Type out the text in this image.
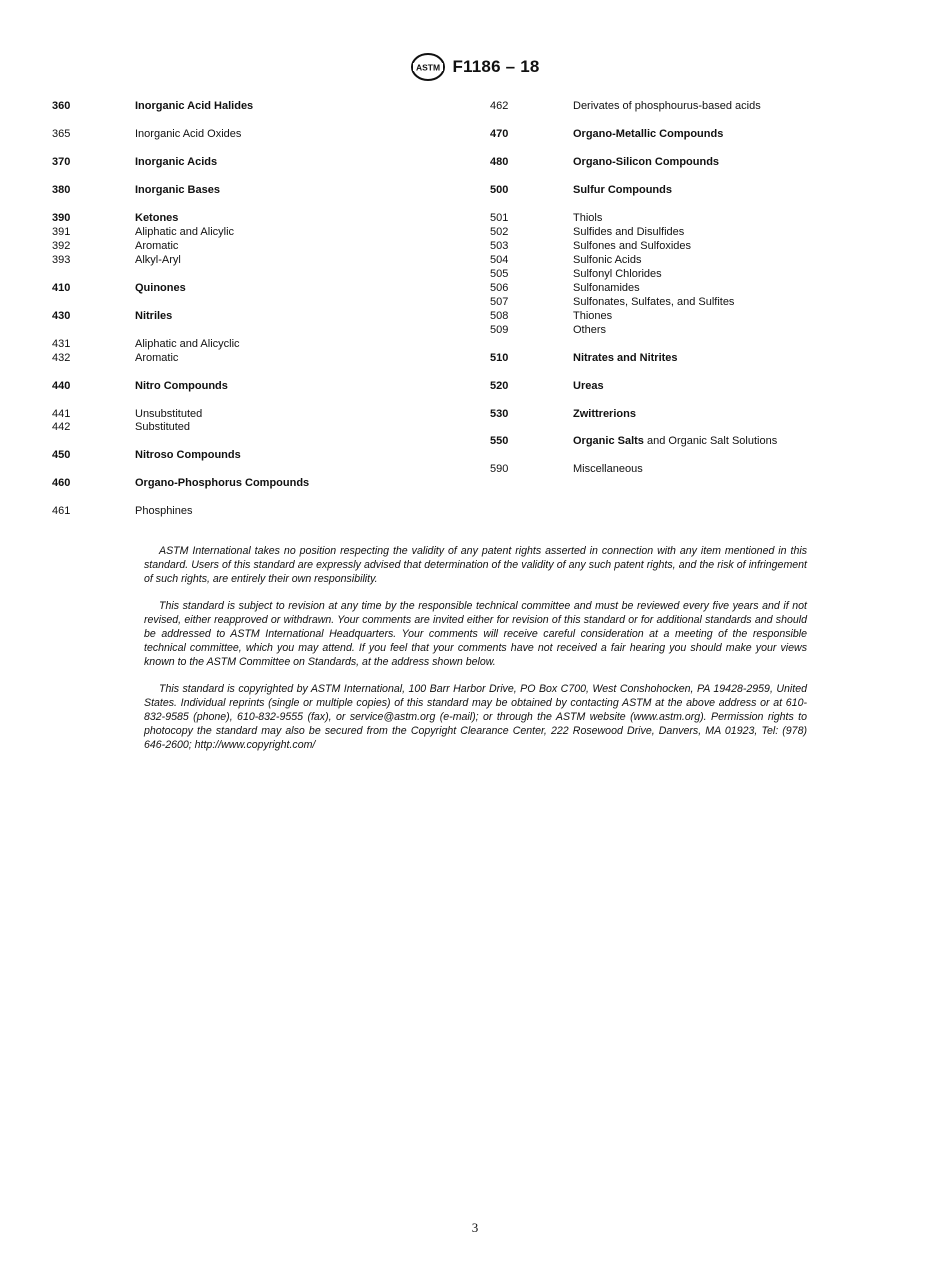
ASTM F1186 – 18
360	Inorganic Acid Halides
365	Inorganic Acid Oxides
370	Inorganic Acids
380	Inorganic Bases
390	Ketones
391	Aliphatic and Alicylic
392	Aromatic
393	Alkyl-Aryl
410	Quinones
430	Nitriles
431	Aliphatic and Alicyclic
432	Aromatic
440	Nitro Compounds
441	Unsubstituted
442	Substituted
450	Nitroso Compounds
460	Organo-Phosphorus Compounds
461	Phosphines
462	Derivates of phosphourus-based acids
470	Organo-Metallic Compounds
480	Organo-Silicon Compounds
500	Sulfur Compounds
501	Thiols
502	Sulfides and Disulfides
503	Sulfones and Sulfoxides
504	Sulfonic Acids
505	Sulfonyl Chlorides
506	Sulfonamides
507	Sulfonates, Sulfates, and Sulfites
508	Thiones
509	Others
510	Nitrates and Nitrites
520	Ureas
530	Zwittrerions
550	Organic Salts and Organic Salt Solutions
590	Miscellaneous

ASTM International takes no position respecting the validity of any patent rights asserted in connection with any item mentioned in this standard. Users of this standard are expressly advised that determination of the validity of any such patent rights, and the risk of infringement of such rights, are entirely their own responsibility.

This standard is subject to revision at any time by the responsible technical committee and must be reviewed every five years and if not revised, either reapproved or withdrawn. Your comments are invited either for revision of this standard or for additional standards and should be addressed to ASTM International Headquarters. Your comments will receive careful consideration at a meeting of the responsible technical committee, which you may attend. If you feel that your comments have not received a fair hearing you should make your views known to the ASTM Committee on Standards, at the address shown below.

This standard is copyrighted by ASTM International, 100 Barr Harbor Drive, PO Box C700, West Conshohocken, PA 19428-2959, United States. Individual reprints (single or multiple copies) of this standard may be obtained by contacting ASTM at the above address or at 610-832-9585 (phone), 610-832-9555 (fax), or service@astm.org (e-mail); or through the ASTM website (www.astm.org). Permission rights to photocopy the standard may also be secured from the Copyright Clearance Center, 222 Rosewood Drive, Danvers, MA 01923, Tel: (978) 646-2600; http://www.copyright.com/

3
